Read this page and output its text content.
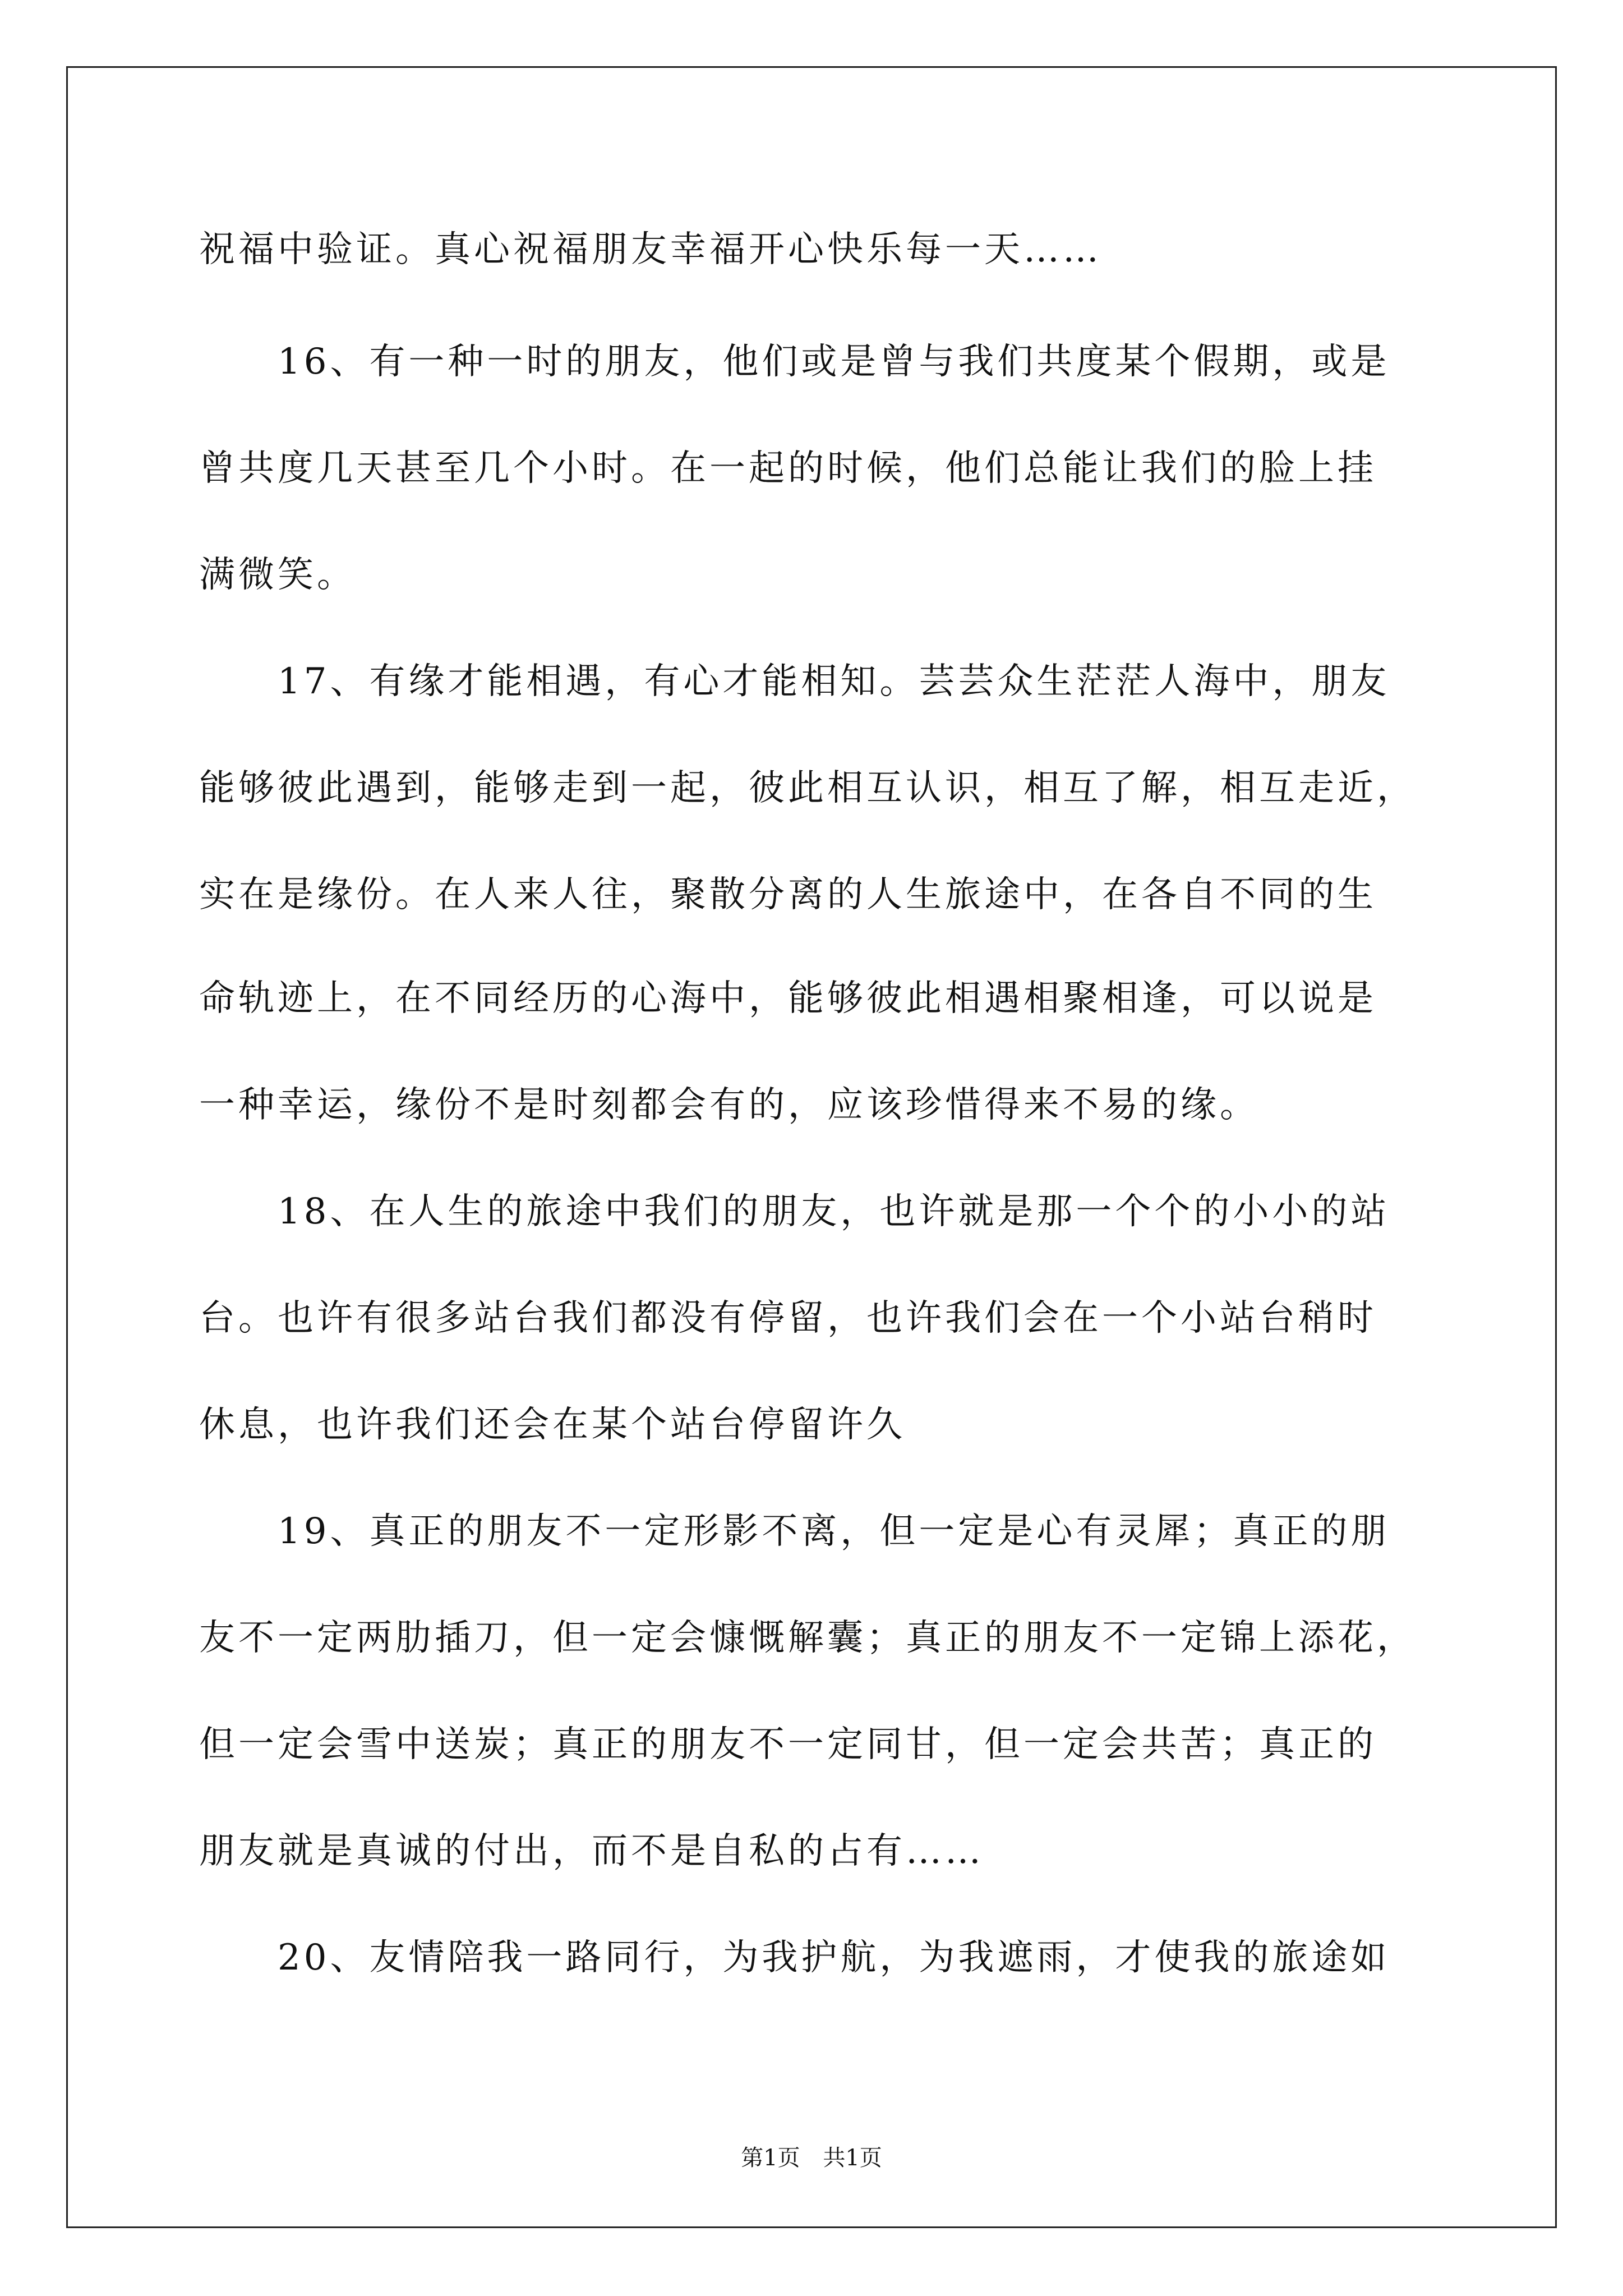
祝福中验证。真心祝福朋友幸福开心快乐每一天……
16、有一种一时的朋友，他们或是曾与我们共度某个假期，或是
曾共度几天甚至几个小时。在一起的时候，他们总能让我们的脸上挂
满微笑。
17、有缘才能相遇，有心才能相知。芸芸众生茫茫人海中，朋友
能够彼此遇到，能够走到一起，彼此相互认识，相互了解，相互走近，
实在是缘份。在人来人往，聚散分离的人生旅途中，在各自不同的生
命轨迹上，在不同经历的心海中，能够彼此相遇相聚相逢，可以说是
一种幸运，缘份不是时刻都会有的，应该珍惜得来不易的缘。
18、在人生的旅途中我们的朋友，也许就是那一个个的小小的站
台。也许有很多站台我们都没有停留，也许我们会在一个小站台稍时
休息，也许我们还会在某个站台停留许久
19、真正的朋友不一定形影不离，但一定是心有灵犀；真正的朋
友不一定两肋插刀，但一定会慷慨解囊；真正的朋友不一定锦上添花，
但一定会雪中送炭；真正的朋友不一定同甘，但一定会共苦；真正的
朋友就是真诚的付出，而不是自私的占有……
20、友情陪我一路同行，为我护航，为我遮雨，才使我的旅途如
第1页 共1页
